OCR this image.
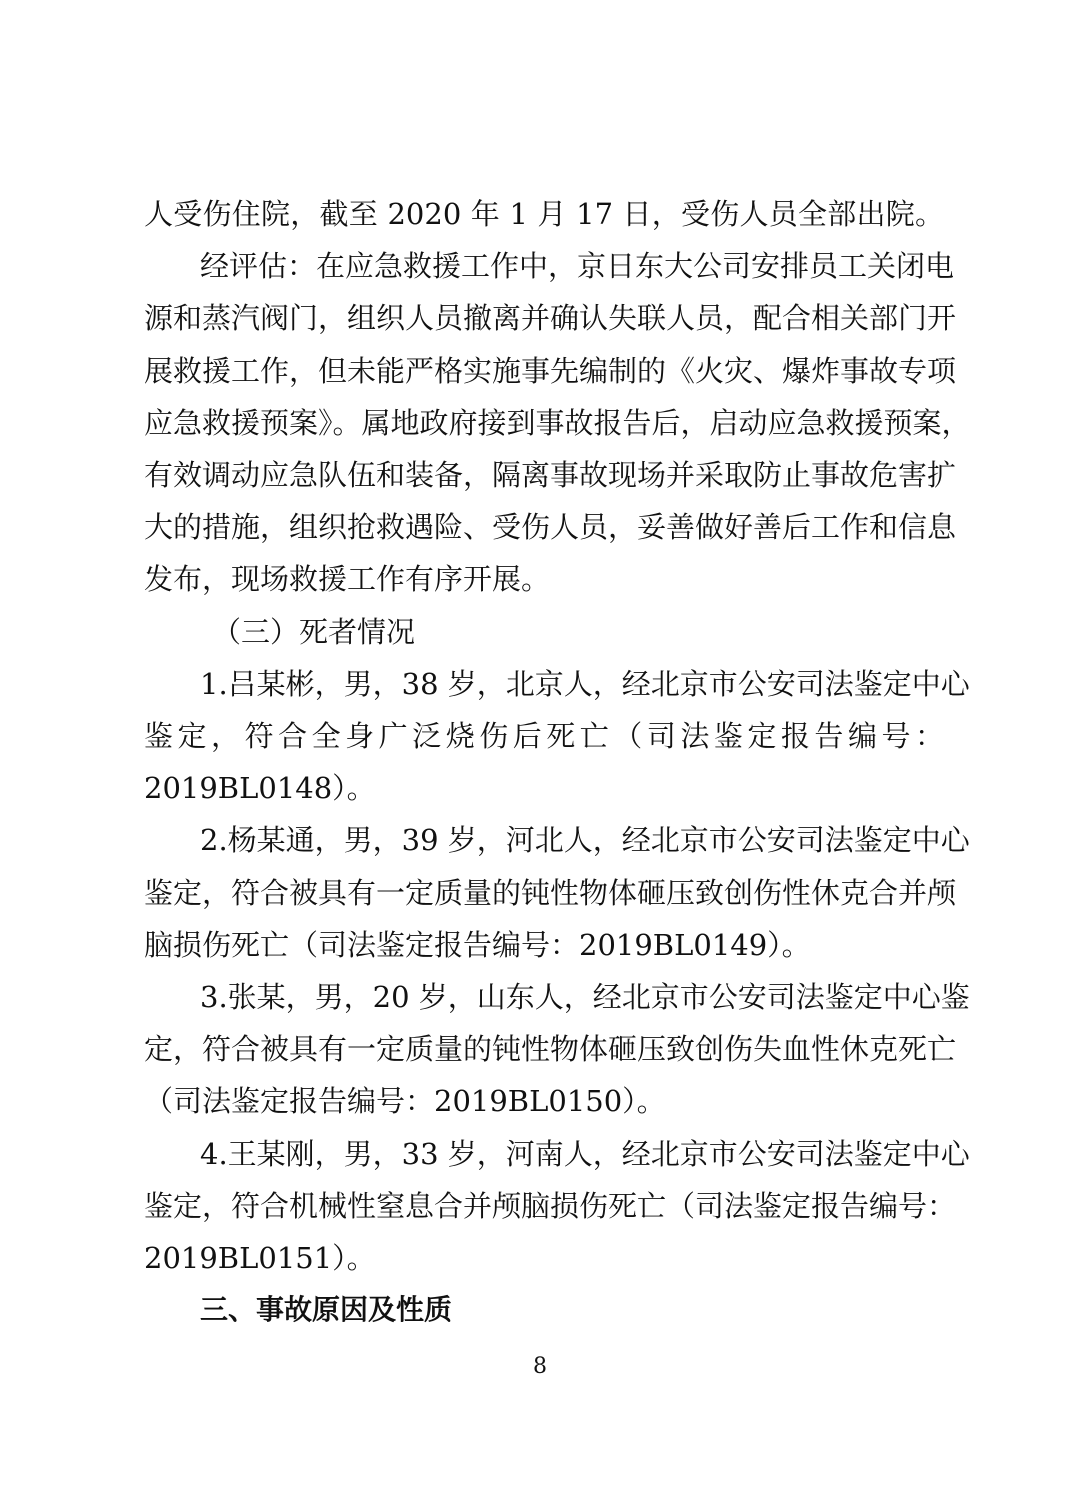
人受伤住院，截至 2020 年 1 月 17 日，受伤人员全部出院。
经评估：在应急救援工作中，京日东大公司安排员工关闭电
源和蒸汽阀门，组织人员撤离并确认失联人员，配合相关部门开
展救援工作，但未能严格实施事先编制的《火灾、爆炸事故专项
应急救援预案》。属地政府接到事故报告后，启动应急救援预案，
有效调动应急队伍和装备，隔离事故现场并采取防止事故危害扩
大的措施，组织抢救遇险、受伤人员，妥善做好善后工作和信息
发布，现场救援工作有序开展。
（三）死者情况
1.吕某彬，男，38 岁，北京人，经北京市公安司法鉴定中心
鉴定，符合全身广泛烧伤后死亡（司法鉴定报告编号：
2019BL0148）。
2.杨某通，男，39 岁，河北人，经北京市公安司法鉴定中心
鉴定，符合被具有一定质量的钝性物体砸压致创伤性休克合并颅
脑损伤死亡（司法鉴定报告编号：2019BL0149）。
3.张某，男，20 岁，山东人，经北京市公安司法鉴定中心鉴
定，符合被具有一定质量的钝性物体砸压致创伤失血性休克死亡
（司法鉴定报告编号：2019BL0150）。
4.王某刚，男，33 岁，河南人，经北京市公安司法鉴定中心
鉴定，符合机械性窒息合并颅脑损伤死亡（司法鉴定报告编号：
2019BL0151）。
三、事故原因及性质
8
